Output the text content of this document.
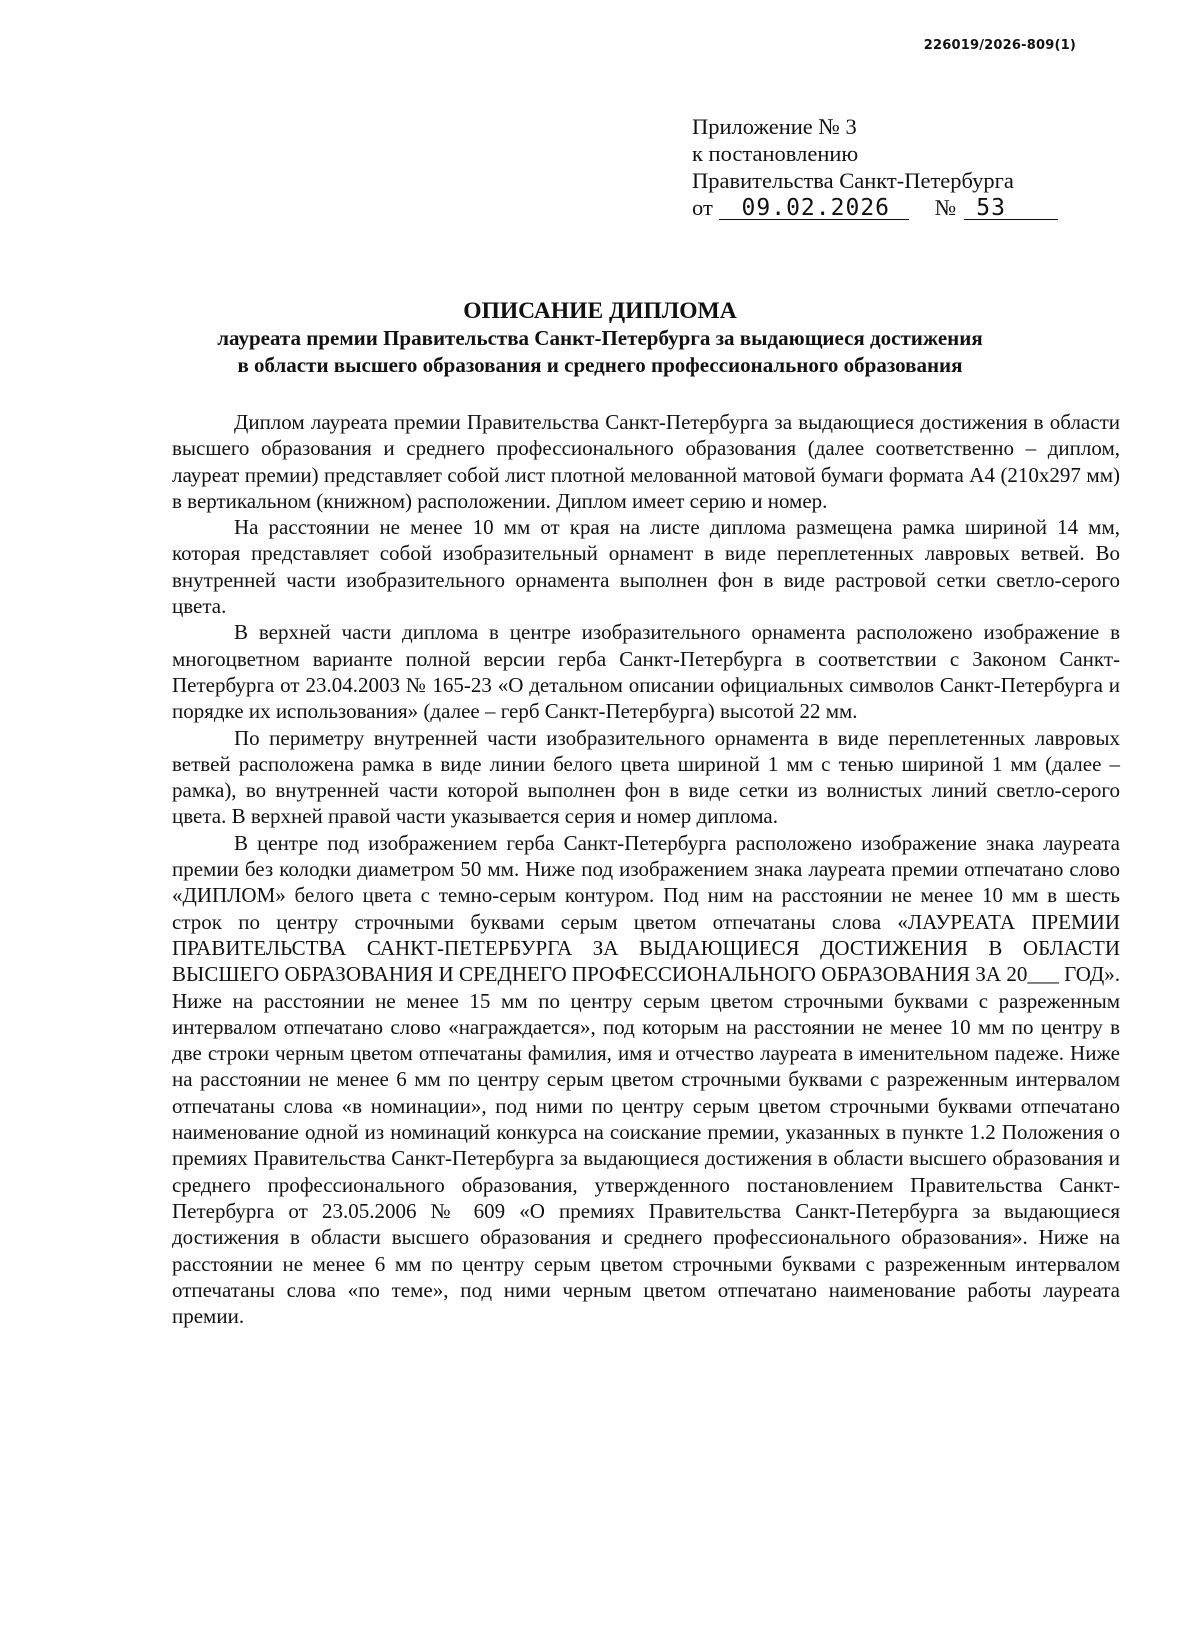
226019/2026-809(1)
Приложение № 3
к постановлению
Правительства Санкт-Петербурга
от 09.02.2026 № 53
ОПИСАНИЕ ДИПЛОМА
лауреата премии Правительства Санкт-Петербурга за выдающиеся достижения
в области высшего образования и среднего профессионального образования

Диплом лауреата премии Правительства Санкт-Петербурга за выдающиеся достижения в области высшего образования и среднего профессионального образования (далее соответственно – диплом, лауреат премии) представляет собой лист плотной мелованной матовой бумаги формата А4 (210х297 мм) в вертикальном (книжном) расположении. Диплом имеет серию и номер.

На расстоянии не менее 10 мм от края на листе диплома размещена рамка шириной 14 мм, которая представляет собой изобразительный орнамент в виде переплетенных лавровых ветвей. Во внутренней части изобразительного орнамента выполнен фон в виде растровой сетки светло-серого цвета.

В верхней части диплома в центре изобразительного орнамента расположено изображение в многоцветном варианте полной версии герба Санкт-Петербурга в соответствии с Законом Санкт-Петербурга от 23.04.2003 № 165-23 «О детальном описании официальных символов Санкт-Петербурга и порядке их использования» (далее – герб Санкт-Петербурга) высотой 22 мм.

По периметру внутренней части изобразительного орнамента в виде переплетенных лавровых ветвей расположена рамка в виде линии белого цвета шириной 1 мм с тенью шириной 1 мм (далее – рамка), во внутренней части которой выполнен фон в виде сетки из волнистых линий светло-серого цвета. В верхней правой части указывается серия и номер диплома.

В центре под изображением герба Санкт-Петербурга расположено изображение знака лауреата премии без колодки диаметром 50 мм. Ниже под изображением знака лауреата премии отпечатано слово «ДИПЛОМ» белого цвета с темно-серым контуром. Под ним на расстоянии не менее 10 мм в шесть строк по центру строчными буквами серым цветом отпечатаны слова «ЛАУРЕАТА ПРЕМИИ ПРАВИТЕЛЬСТВА САНКТ-ПЕТЕРБУРГА ЗА ВЫДАЮЩИЕСЯ ДОСТИЖЕНИЯ В ОБЛАСТИ ВЫСШЕГО ОБРАЗОВАНИЯ И СРЕДНЕГО ПРОФЕССИОНАЛЬНОГО ОБРАЗОВАНИЯ ЗА 20___ ГОД». Ниже на расстоянии не менее 15 мм по центру серым цветом строчными буквами с разреженным интервалом отпечатано слово «награждается», под которым на расстоянии не менее 10 мм по центру в две строки черным цветом отпечатаны фамилия, имя и отчество лауреата в именительном падеже. Ниже на расстоянии не менее 6 мм по центру серым цветом строчными буквами с разреженным интервалом отпечатаны слова «в номинации», под ними по центру серым цветом строчными буквами отпечатано наименование одной из номинаций конкурса на соискание премии, указанных в пункте 1.2 Положения о премиях Правительства Санкт-Петербурга за выдающиеся достижения в области высшего образования и среднего профессионального образования, утвержденного постановлением Правительства Санкт-Петербурга от 23.05.2006 № 609 «О премиях Правительства Санкт-Петербурга за выдающиеся достижения в области высшего образования и среднего профессионального образования». Ниже на расстоянии не менее 6 мм по центру серым цветом строчными буквами с разреженным интервалом отпечатаны слова «по теме», под ними черным цветом отпечатано наименование работы лауреата премии.
